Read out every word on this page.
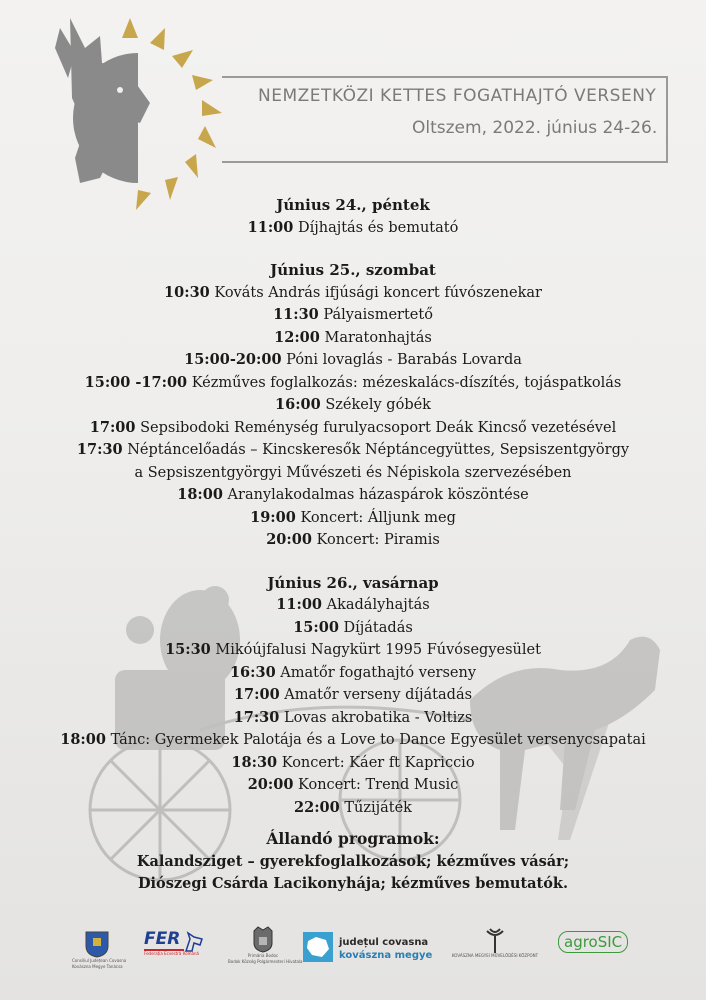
NEMZETKÖZI KETTES FOGATHAJTÓ VERSENY
Oltszem, 2022. június 24-26.
Június 24., péntek
11:00 Díjhajtás és bemutató
Június 25., szombat
10:30 Kováts András ifjúsági koncert fúvószenekar
11:30 Pályaismertető
12:00 Maratonhajtás
15:00-20:00 Póni lovaglás - Barabás Lovarda
15:00 -17:00 Kézműves foglalkozás: mézeskalács-díszítés, tojáspatkolás
16:00 Székely góbék
17:00 Sepsibodoki Reménység furulyacsoport Deák Kincső vezetésével
17:30 Néptáncelőadás – Kincskeresők Néptáncegyüttes, Sepsiszentgyörgy
a Sepsiszentgyörgyi Művészeti és Népiskola szervezésében
18:00 Aranylakodalmas házaspárok köszöntése
19:00 Koncert: Álljunk meg
20:00 Koncert: Piramis
Június 26., vasárnap
11:00 Akadályhajtás
15:00 Díjátadás
15:30 Mikóújfalusi Nagykürt 1995 Fúvósegyesület
16:30 Amatőr fogathajtó verseny
17:00 Amatőr verseny díjátadás
17:30 Lovas akrobatika - Voltizs
18:00 Tánc: Gyermekek Palotája és a Love to Dance Egyesület versenycsapatai
18:30 Koncert: Káer ft Kapriccio
20:00 Koncert: Trend Music
22:00 Tűzijáték
Állandó programok:
Kalandsziget – gyerekfoglalkozások; kézműves vásár;
Diószegi Csárda Lacikonyhája; kézműves bemutatók.
Consiliul Județean Covasna
Kovászna Megye Tanácsa
FER
Federația Ecvestră Română	Primăria Bodoc
Bodok Község Polgármesteri Hivatala
județul covasna
kovászna megye	KOVÁSZNA MEGYEI MŰVELŐDÉSI KÖZPONT
agroSIC
